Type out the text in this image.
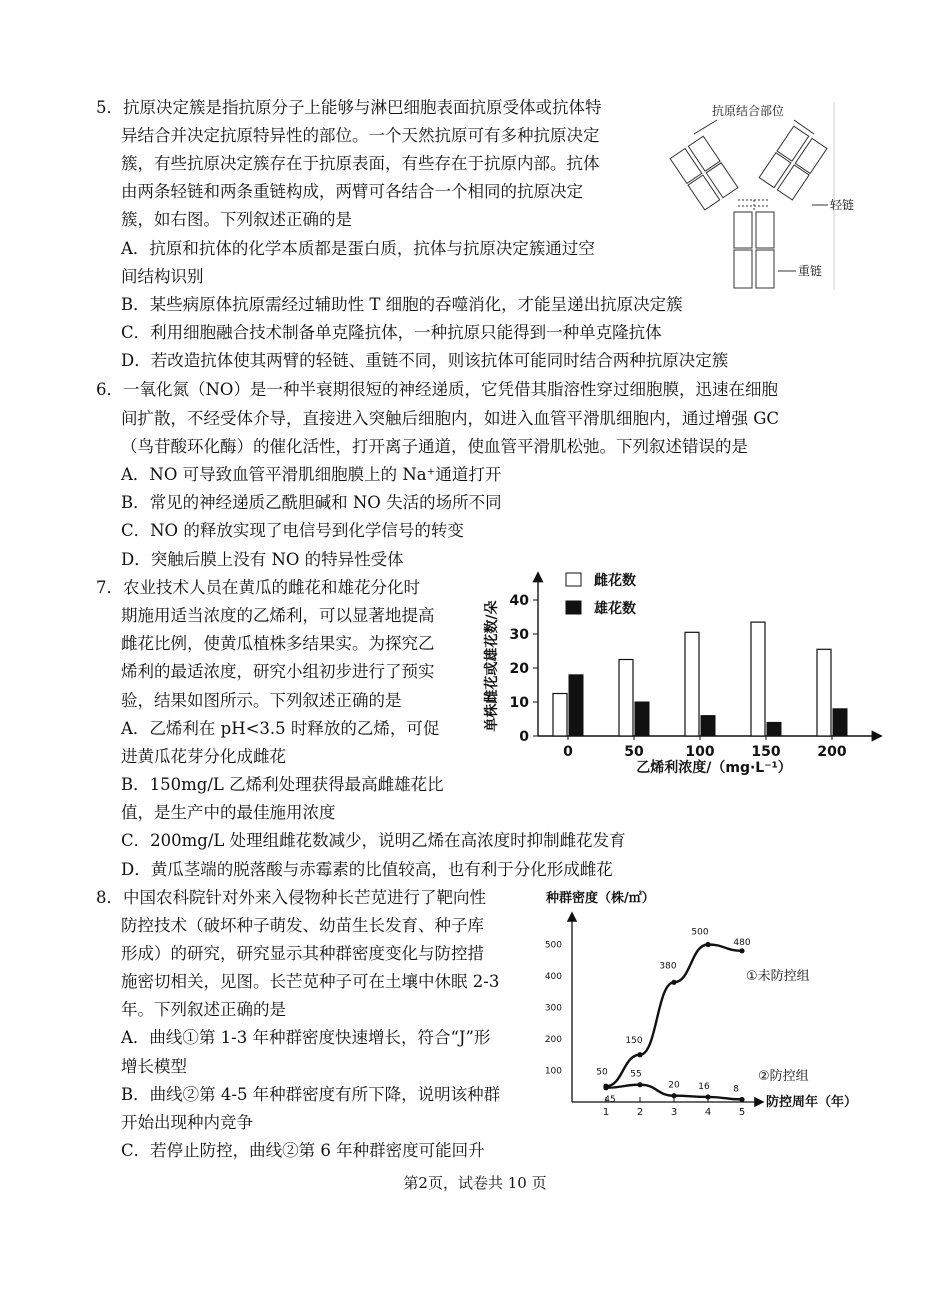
5．抗原决定簇是指抗原分子上能够与淋巴细胞表面抗原受体或抗体特
异结合并决定抗原特异性的部位。一个天然抗原可有多种抗原决定
簇，有些抗原决定簇存在于抗原表面，有些存在于抗原内部。抗体
由两条轻链和两条重链构成，两臂可各结合一个相同的抗原决定
簇，如右图。下列叙述正确的是
A．抗原和抗体的化学本质都是蛋白质，抗体与抗原决定簇通过空
间结构识别
B．某些病原体抗原需经过辅助性 T 细胞的吞噬消化，才能呈递出抗原决定簇
C．利用细胞融合技术制备单克隆抗体，一种抗原只能得到一种单克隆抗体
D．若改造抗体使其两臂的轻链、重链不同，则该抗体可能同时结合两种抗原决定簇
抗原结合部位
轻链
重链
6．一氧化氮（NO）是一种半衰期很短的神经递质，它凭借其脂溶性穿过细胞膜，迅速在细胞
间扩散，不经受体介导，直接进入突触后细胞内，如进入血管平滑肌细胞内，通过增强 GC
（鸟苷酸环化酶）的催化活性，打开离子通道，使血管平滑肌松弛。下列叙述错误的是
A．NO 可导致血管平滑肌细胞膜上的 Na⁺通道打开
B．常见的神经递质乙酰胆碱和 NO 失活的场所不同
C．NO 的释放实现了电信号到化学信号的转变
D．突触后膜上没有 NO 的特异性受体
7．农业技术人员在黄瓜的雌花和雄花分化时
期施用适当浓度的乙烯利，可以显著地提高
雌花比例，使黄瓜植株多结果实。为探究乙
烯利的最适浓度，研究小组初步进行了预实
验，结果如图所示。下列叙述正确的是
A．乙烯利在 pH<3.5 时释放的乙烯，可促
进黄瓜花芽分化成雌花
B．150mg/L 乙烯利处理获得最高雌雄花比
值，是生产中的最佳施用浓度
C．200mg/L 处理组雌花数减少，说明乙烯在高浓度时抑制雌花发育
D．黄瓜茎端的脱落酸与赤霉素的比值较高，也有利于分化形成雌花
单株雌花或雄花数/朵
乙烯利浓度/（mg·L⁻¹）
雌花数
雄花数
0
10
20
30
40
0	50	100	150	200
8．中国农科院针对外来入侵物种长芒苋进行了靶向性
防控技术（破坏种子萌发、幼苗生长发育、种子库
形成）的研究，研究显示其种群密度变化与防控措
施密切相关，见图。长芒苋种子可在土壤中休眠 2-3
年。下列叙述正确的是
A．曲线①第 1-3 年种群密度快速增长，符合“J”形
增长模型
B．曲线②第 4-5 年种群密度有所下降，说明该种群
开始出现种内竞争
C．若停止防控，曲线②第 6 年种群密度可能回升
种群密度（株/㎡）
防控周年（年）
100
200
300
400
500
1	2	3	4	5
50
150
380
500
480
①未防控组
45
55
20 16	8
②防控组
第2页，试卷共 10 页
